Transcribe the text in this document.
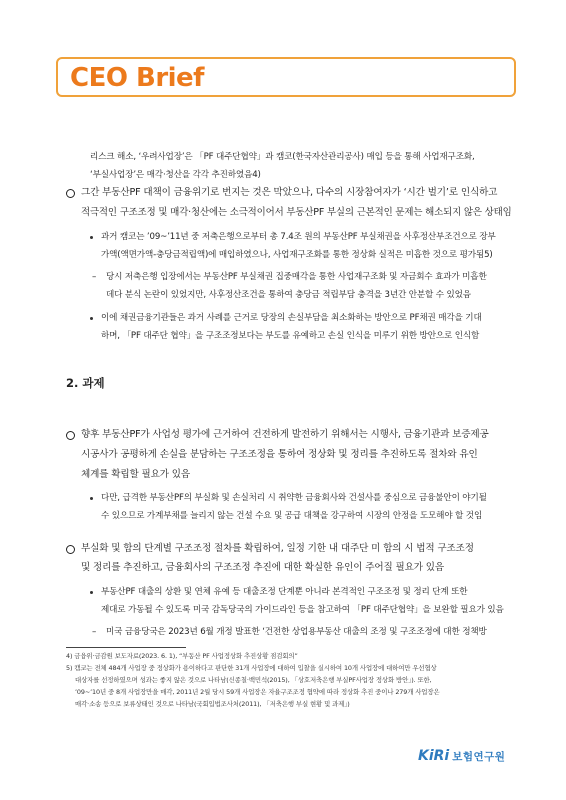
CEO Brief
리스크 해소, ‘우려사업장’은 「PF 대주단협약」과 캠코(한국자산관리공사) 매입 등을 통해 사업재구조화,
‘부실사업장’은 매각·청산을 각각 추진하였음4)
그간 부동산PF 대책이 금융위기로 번지는 것은 막았으나, 다수의 시장참여자가 ‘시간 벌기’로 인식하고
적극적인 구조조정 및 매각·청산에는 소극적이어서 부동산PF 부실의 근본적인 문제는 해소되지 않은 상태임
과거 캠코는 ’09~’11년 중 저축은행으로부터 총 7.4조 원의 부동산PF 부실채권을 사후정산부조건으로 장부
가액(액면가액-충당금적립액)에 매입하였으나, 사업재구조화를 통한 정상화 실적은 미흡한 것으로 평가됨5)
– 당시 저축은행 입장에서는 부동산PF 부실채권 집중매각을 통한 사업재구조화 및 자금회수 효과가 미흡한
데다 분식 논란이 있었지만, 사후정산조건을 통하여 충당금 적립부담 충격을 3년간 안분할 수 있었음
이에 채권금융기관들은 과거 사례를 근거로 당장의 손실부담을 최소화하는 방안으로 PF채권 매각을 기대
하며, 「PF 대주단 협약」을 구조조정보다는 부도를 유예하고 손실 인식을 미루기 위한 방안으로 인식함
2. 과제
향후 부동산PF가 사업성 평가에 근거하여 건전하게 발전하기 위해서는 시행사, 금융기관과 보증제공
시공사가 공평하게 손실을 분담하는 구조조정을 통하여 정상화 및 정리를 추진하도록 절차와 유인
체계를 확립할 필요가 있음
다만, 급격한 부동산PF의 부실화 및 손실처리 시 취약한 금융회사와 건설사를 중심으로 금융불안이 야기될
수 있으므로 가계부채를 늘리지 않는 건설 수요 및 공급 대책을 강구하여 시장의 안정을 도모해야 할 것임
부실화 및 합의 단계별 구조조정 절차를 확립하여, 일정 기한 내 대주단 미 합의 시 법적 구조조정
및 정리를 추진하고, 금융회사의 구조조정 추진에 대한 확실한 유인이 주어질 필요가 있음
부동산PF 대출의 상환 및 연체 유예 등 대출조정 단계뿐 아니라 본격적인 구조조정 및 정리 단계 또한
제대로 가동될 수 있도록 미국 감독당국의 가이드라인 등을 참고하여 「PF 대주단협약」을 보완할 필요가 있음
– 미국 금융당국은 2023년 6월 개정 발표한 ‘건전한 상업용부동산 대출의 조정 및 구조조정에 대한 정책방
4) 금융위·금감원 보도자료(2023. 6. 1), “부동산 PF 사업정상화 추진상황 점검회의”
5) 캠코는 전체 484개 사업장 중 정상화가 용이하다고 판단한 31개 사업장에 대하여 입찰을 실시하여 10개 사업장에 대하여만 우선협상
대상자를 선정하였으며 성과는 좋지 않은 것으로 나타남(신종칠·백민석(2015), 「상호저축은행 부실PF사업장 정상화 방안」). 또한,
’09~’10년 중 8개 사업장만을 매각, 2011년 2월 당시 59개 사업장은 자율구조조정 협약에 따라 정상화 추진 중이나 279개 사업장은
매각·소송 등으로 보류상태인 것으로 나타남(국회입법조사처(2011), 「저축은행 부실 현황 및 과제」)
KiRi 보험연구원
